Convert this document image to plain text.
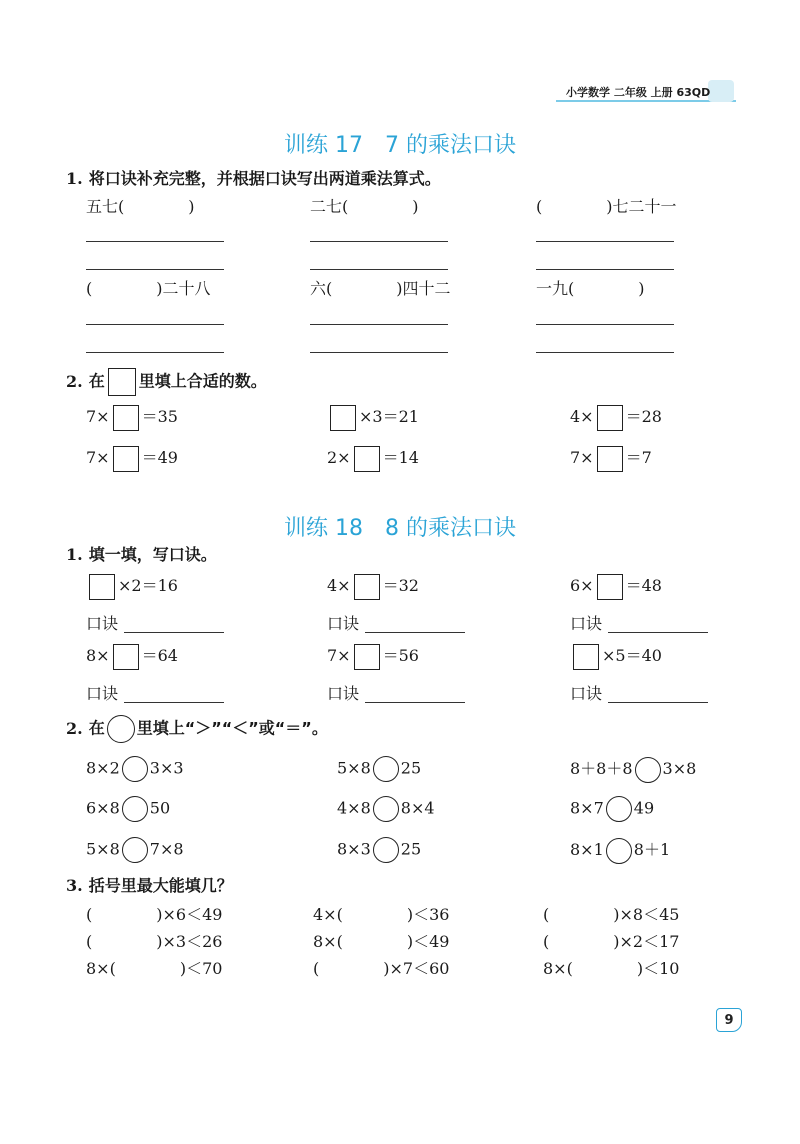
小学数学 二年级 上册 63QD
训练 17　7 的乘法口诀
1. 将口诀补充完整，并根据口诀写出两道乘法算式。
五七(　　　　)	二七(　　　　)	(　　　　)七二十一
(　　　　)二十八	六(　　　　)四十二	一九(　　　　)
2. 在 里填上合适的数。
7× ＝35	×3＝21	4× ＝28
7× ＝49	2× ＝14	7× ＝7
训练 18　8 的乘法口诀
1. 填一填，写口诀。
×2＝16	4× ＝32	6× ＝48
口诀	口诀	口诀
8× ＝64	7× ＝56	×5＝40
口诀	口诀	口诀
2. 在 里填上“＞”“＜”或“＝”。
8×2 3×3	5×8 25	8＋8＋8 3×8
6×8 50	4×8 8×4	8×7 49
5×8 7×8	8×3 25	8×1 8＋1
3. 括号里最大能填几？
(　　　　)×6＜49	4×(　　　　)＜36	(　　　　)×8＜45
(　　　　)×3＜26	8×(　　　　)＜49	(　　　　)×2＜17
8×(　　　　)＜70	(　　　　)×7＜60	8×(　　　　)＜10
9
